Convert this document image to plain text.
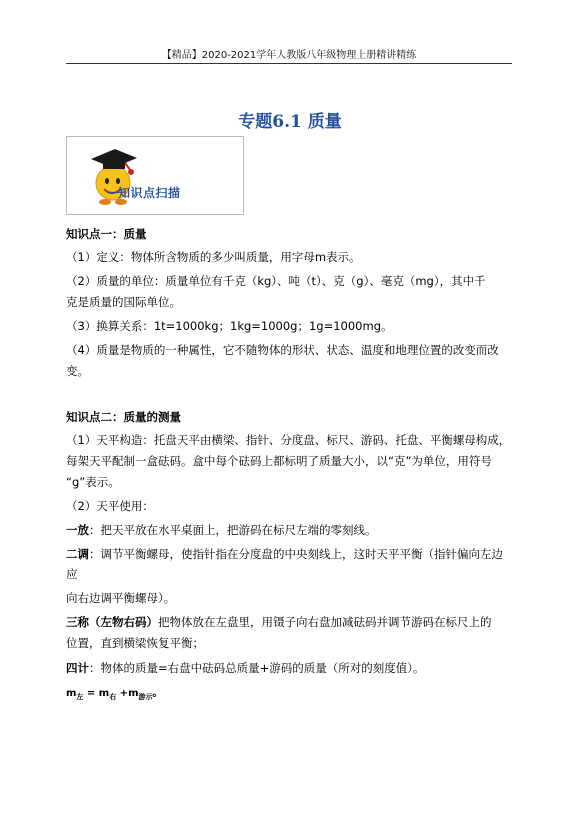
【精品】2020-2021学年人教版八年级物理上册精讲精练
专题6.1 质量
知识点扫描
知识点一：质量
（1）定义：物体所含物质的多少叫质量，用字母m表示。
（2）质量的单位：质量单位有千克（kg）、吨（t）、克（g）、毫克（mg），其中千
克是质量的国际单位。
（3）换算关系：1t=1000kg；1kg=1000g；1g=1000mg。
（4）质量是物质的一种属性，它不随物体的形状、状态、温度和地理位置的改变而改
变。
知识点二：质量的测量
（1）天平构造：托盘天平由横梁、指针、分度盘、标尺、游码、托盘、平衡螺母构成，
每架天平配制一盒砝码。盒中每个砝码上都标明了质量大小，以“克”为单位，用符号
“g”表示。
（2）天平使用：
一放：把天平放在水平桌面上，把游码在标尺左端的零刻线。
二调：调节平衡螺母，使指针指在分度盘的中央刻线上，这时天平平衡（指针偏向左边
应
向右边调平衡螺母）。
三称（左物右码）把物体放在左盘里，用镊子向右盘加减砝码并调节游码在标尺上的
位置，直到横梁恢复平衡；
四计：物体的质量=右盘中砝码总质量+游码的质量（所对的刻度值）。
$m_左 = m_右 +m_{游示}$。
